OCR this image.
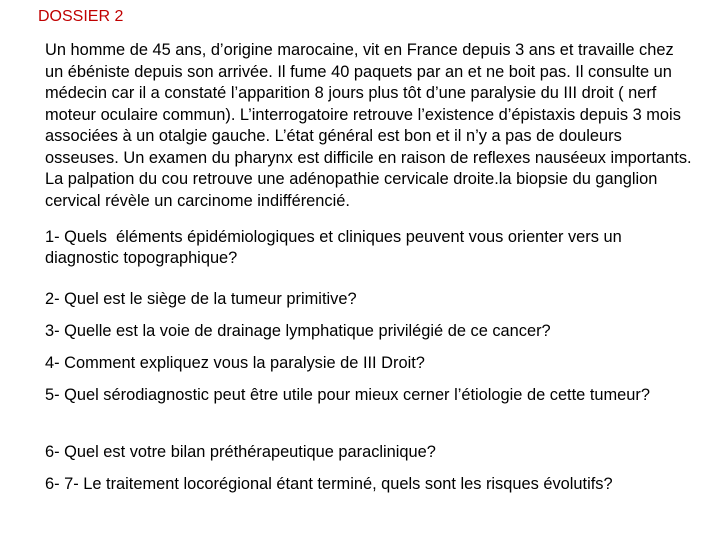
DOSSIER 2

Un homme de 45 ans, d’origine marocaine, vit en France depuis 3 ans et travaille chez un ébéniste depuis son arrivée. Il fume 40 paquets par an et ne boit pas. Il consulte un médecin car il a constaté l’apparition 8 jours plus tôt d’une paralysie du III droit ( nerf moteur oculaire commun). L’interrogatoire retrouve l’existence d’épistaxis depuis 3 mois associées à un otalgie gauche. L’état général est bon et il n’y a pas de douleurs osseuses. Un examen du pharynx est difficile en raison de reflexes nauséeux importants. La palpation du cou retrouve une adénopathie cervicale droite.la biopsie du ganglion cervical révèle un carcinome indifférencié.

1- Quels  éléments épidémiologiques et cliniques peuvent vous orienter vers un diagnostic topographique?
2- Quel est le siège de la tumeur primitive?
3- Quelle est la voie de drainage lymphatique privilégié de ce cancer?
4- Comment expliquez vous la paralysie de III Droit?
5- Quel sérodiagnostic peut être utile pour mieux cerner l’étiologie de cette tumeur?
6- Quel est votre bilan préthérapeutique paraclinique?
6- 7- Le traitement locorégional étant terminé, quels sont les risques évolutifs?
